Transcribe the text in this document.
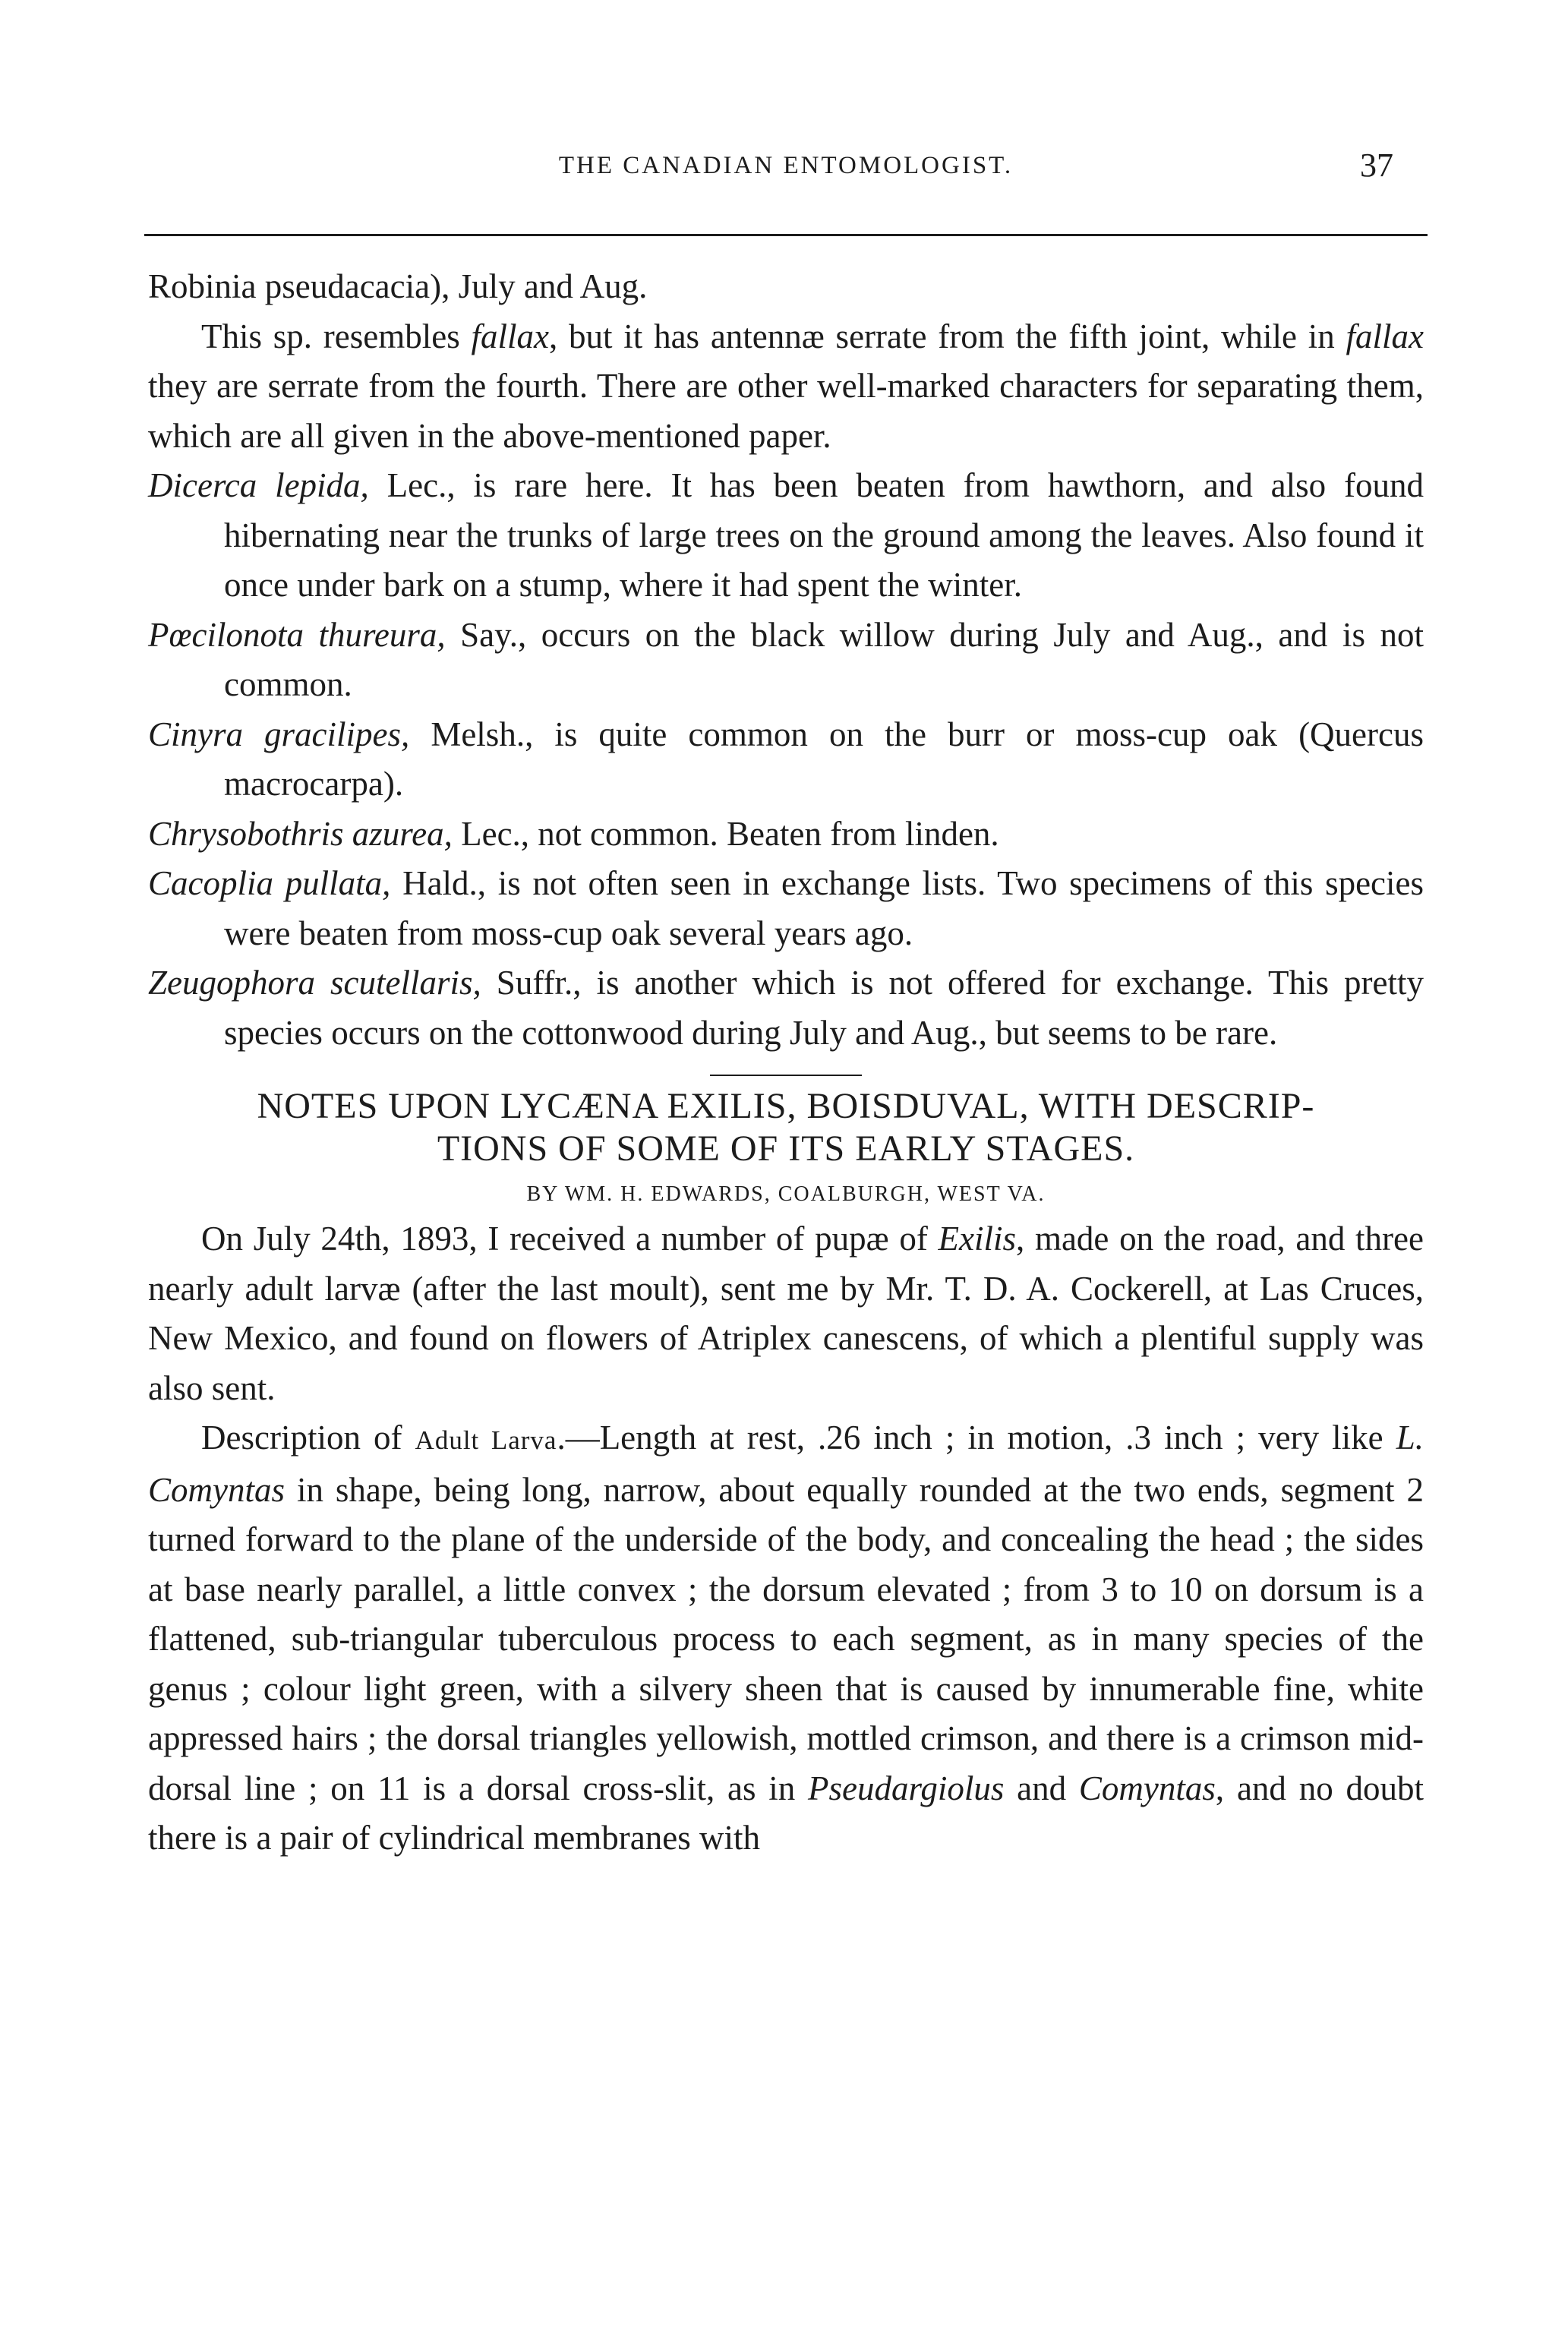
THE CANADIAN ENTOMOLOGIST.	37

Robinia pseudacacia), July and Aug.

This sp. resembles fallax, but it has antennæ serrate from the fifth joint, while in fallax they are serrate from the fourth. There are other well-marked characters for separating them, which are all given in the above-mentioned paper.

Dicerca lepida, Lec., is rare here. It has been beaten from hawthorn, and also found hibernating near the trunks of large trees on the ground among the leaves. Also found it once under bark on a stump, where it had spent the winter.

Pœcilonota thureura, Say., occurs on the black willow during July and Aug., and is not common.

Cinyra gracilipes, Melsh., is quite common on the burr or moss-cup oak (Quercus macrocarpa).

Chrysobothris azurea, Lec., not common. Beaten from linden.

Cacoplia pullata, Hald., is not often seen in exchange lists. Two specimens of this species were beaten from moss-cup oak several years ago.

Zeugophora scutellaris, Suffr., is another which is not offered for exchange. This pretty species occurs on the cottonwood during July and Aug., but seems to be rare.

NOTES UPON LYCÆNA EXILIS, BOISDUVAL, WITH DESCRIP-
TIONS OF SOME OF ITS EARLY STAGES.
BY WM. H. EDWARDS, COALBURGH, WEST VA.

On July 24th, 1893, I received a number of pupæ of Exilis, made on the road, and three nearly adult larvæ (after the last moult), sent me by Mr. T. D. A. Cockerell, at Las Cruces, New Mexico, and found on flowers of Atriplex canescens, of which a plentiful supply was also sent.

Description of Adult Larva.—Length at rest, .26 inch ; in motion, .3 inch ; very like L. Comyntas in shape, being long, narrow, about equally rounded at the two ends, segment 2 turned forward to the plane of the underside of the body, and concealing the head ; the sides at base nearly parallel, a little convex ; the dorsum elevated ; from 3 to 10 on dorsum is a flattened, sub-triangular tuberculous process to each segment, as in many species of the genus ; colour light green, with a silvery sheen that is caused by innumerable fine, white appressed hairs ; the dorsal triangles yellowish, mottled crimson, and there is a crimson mid-dorsal line ; on 11 is a dorsal cross-slit, as in Pseudargiolus and Comyntas, and no doubt there is a pair of cylindrical membranes with
